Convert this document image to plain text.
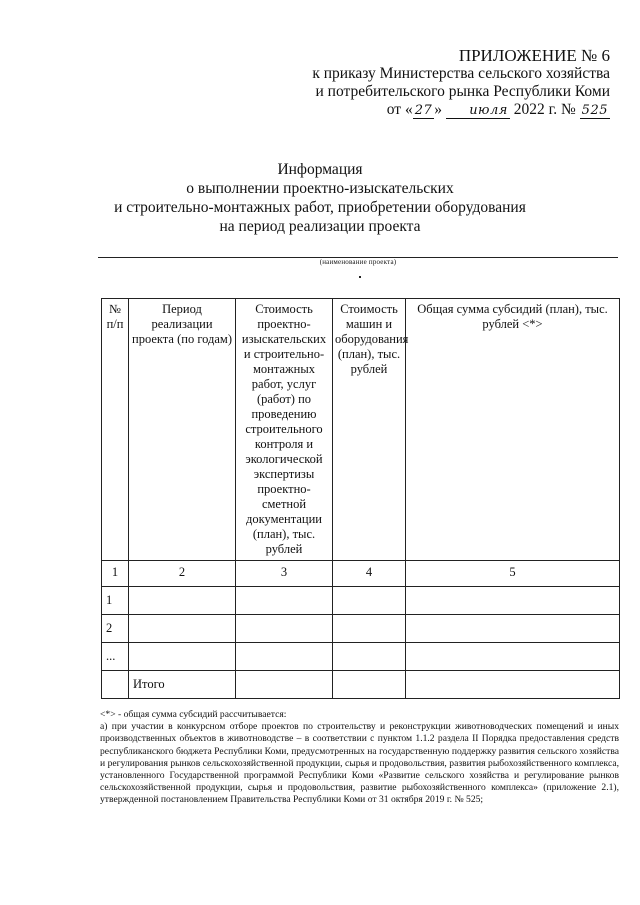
ПРИЛОЖЕНИЕ № 6
к приказу Министерства сельского хозяйства
и потребительского рынка Республики Коми
от « 27 » июля 2022 г. № 525
Информация
о выполнении проектно-изыскательских
и строительно-монтажных работ, приобретении оборудования
на период реализации проекта
(наименование проекта)
№ п/п	Период реализации проекта (по годам)	Стоимость проектно-изыскательских и строительно-монтажных работ, услуг (работ) по проведению строительного контроля и экологической экспертизы проектно-сметной документации (план), тыс. рублей	Стоимость машин и оборудования (план), тыс. рублей	Общая сумма субсидий (план), тыс. рублей <*>
1	2	3	4	5
1				
2				
...				
	Итого			

<*> - общая сумма субсидий рассчитывается:

а) при участии в конкурсном отборе проектов по строительству и реконструкции животноводческих помещений и иных производственных объектов в животноводстве – в соответствии с пунктом 1.1.2 раздела II Порядка предоставления средств республиканского бюджета Республики Коми, предусмотренных на государственную поддержку развития сельского хозяйства и регулирования рынков сельскохозяйственной продукции, сырья и продовольствия, развития рыбохозяйственного комплекса, установленного Государственной программой Республики Коми «Развитие сельского хозяйства и регулирование рынков сельскохозяйственной продукции, сырья и продовольствия, развитие рыбохозяйственного комплекса» (приложение 2.1), утвержденной постановлением Правительства Республики Коми от 31 октября 2019 г. № 525;
